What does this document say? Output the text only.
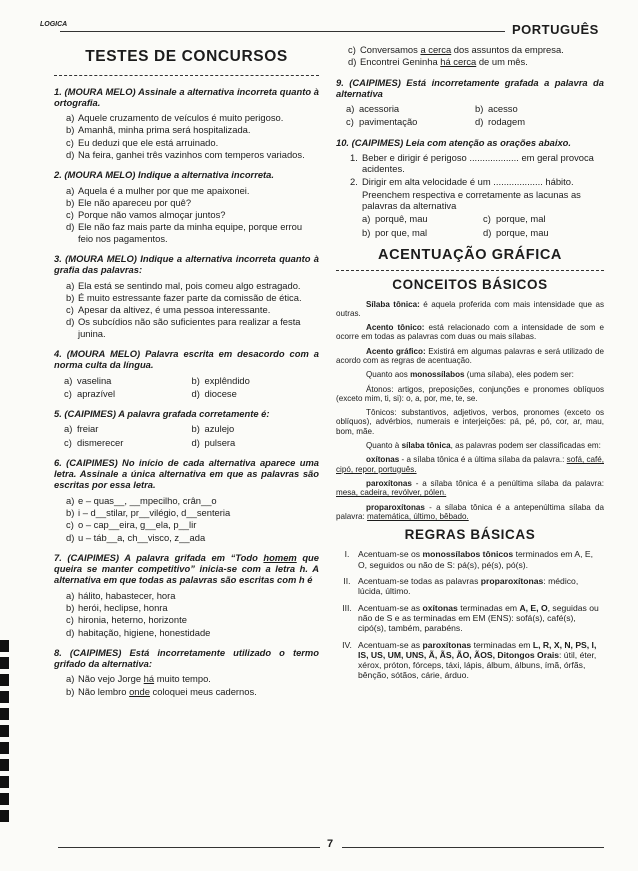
LOGICA	PORTUGUÊS
TESTES DE CONCURSOS
1. (MOURA MELO) Assinale a alternativa incorreta quanto à ortografia.
a) Aquele cruzamento de veículos é muito perigoso.
b) Amanhã, minha prima será hospitalizada.
c) Eu deduzi que ele está arruinado.
d) Na feira, ganhei três vazinhos com temperos variados.
2. (MOURA MELO) Indique a alternativa incorreta.
a) Aquela é a mulher por que me apaixonei.
b) Ele não apareceu por quê?
c) Porque não vamos almoçar juntos?
d) Ele não faz mais parte da minha equipe, porque errou feio nos pagamentos.
3. (MOURA MELO) Indique a alternativa incorreta quanto à grafia das palavras:
a) Ela está se sentindo mal, pois comeu algo estragado.
b) É muito estressante fazer parte da comissão de ética.
c) Apesar da altivez, é uma pessoa interessante.
d) Os subcídios não são suficientes para realizar a festa junina.
4. (MOURA MELO) Palavra escrita em desacordo com a norma culta da língua.
a) vaselina	b) explêndido
c) aprazível	d) diocese
5. (CAIPIMES) A palavra grafada corretamente é:
a) freiar	b) azulejo
c) dismerecer	d) pulsera
6. (CAIPIMES) No início de cada alternativa aparece uma letra. Assinale a única alternativa em que as palavras são escritas por essa letra.
a) e – quas__, __mpecilho, crân__o
b) i – d__stilar, pr__vilégio, d__senteria
c) o – cap__eira, g__ela, p__lir
d) u – táb__a, ch__visco, z__ada
7. (CAIPIMES) A palavra grifada em “Todo homem que queira se manter competitivo” inicia-se com a letra h. A alternativa em que todas as palavras são escritas com h é
a) hálito, habastecer, hora
b) herói, heclipse, honra
c) hironia, heterno, horizonte
d) habitação, higiene, honestidade
8. (CAIPIMES) Está incorretamente utilizado o termo grifado da alternativa:
a) Não vejo Jorge há muito tempo.
b) Não lembro onde coloquei meus cadernos.
c) Conversamos a cerca dos assuntos da empresa.
d) Encontrei Geninha há cerca de um mês.
9. (CAIPIMES) Está incorretamente grafada a palavra da alternativa
a) acessoria	b) acesso
c) pavimentação	d) rodagem
10. (CAIPIMES) Leia com atenção as orações abaixo.
1. Beber e dirigir é perigoso ................... em geral provoca acidentes.
2. Dirigir em alta velocidade é um ................... hábito.
Preenchem respectiva e corretamente as lacunas as palavras da alternativa
a) porquê, mau	c) porque, mal
b) por que, mal	d) porque, mau
ACENTUAÇÃO GRÁFICA
CONCEITOS BÁSICOS
Sílaba tônica: é aquela proferida com mais intensidade que as outras.
Acento tônico: está relacionado com a intensidade de som e ocorre em todas as palavras com duas ou mais sílabas.
Acento gráfico: Existirá em algumas palavras e será utilizado de acordo com as regras de acentuação.
Quanto aos monossílabos (uma sílaba), eles podem ser:
Átonos: artigos, preposições, conjunções e pronomes oblíquos (exceto mim, ti, si): o, a, por, me, te, se.
Tônicos: substantivos, adjetivos, verbos, pronomes (exceto os oblíquos), advérbios, numerais e interjeições: pá, pé, pó, cor, ar, mau, bom, mãe.
Quanto à sílaba tônica, as palavras podem ser classificadas em:
oxítonas - a sílaba tônica é a última sílaba da palavra.: sofá, café, cipó, repor, português.
paroxítonas - a sílaba tônica é a penúltima sílaba da palavra: mesa, cadeira, revólver, pólen.
proparoxítonas - a sílaba tônica é a antepenúltima sílaba da palavra: matemática, último, bêbado.
REGRAS BÁSICAS
I.	Acentuam-se os monossílabos tônicos terminados em A, E, O, seguidos ou não de S: pá(s), pé(s), pó(s).
II. Acentuam-se todas as palavras proparoxítonas: médico, lúcida, último.
III. Acentuam-se as oxítonas terminadas em A, E, O, seguidas ou não de S e as terminadas em EM (ENS): sofá(s), café(s), cipó(s), também, parabéns.
IV. Acentuam-se as paroxítonas terminadas em L, R, X, N, PS, I, IS, US, UM, UNS, Ã, ÃS, ÃO, ÃOS, Ditongos Orais: útil, éter, xérox, próton, fórceps, táxi, lápis, álbum, álbuns, ímã, órfãs, bênção, sótãos, cárie, árduo.
7
